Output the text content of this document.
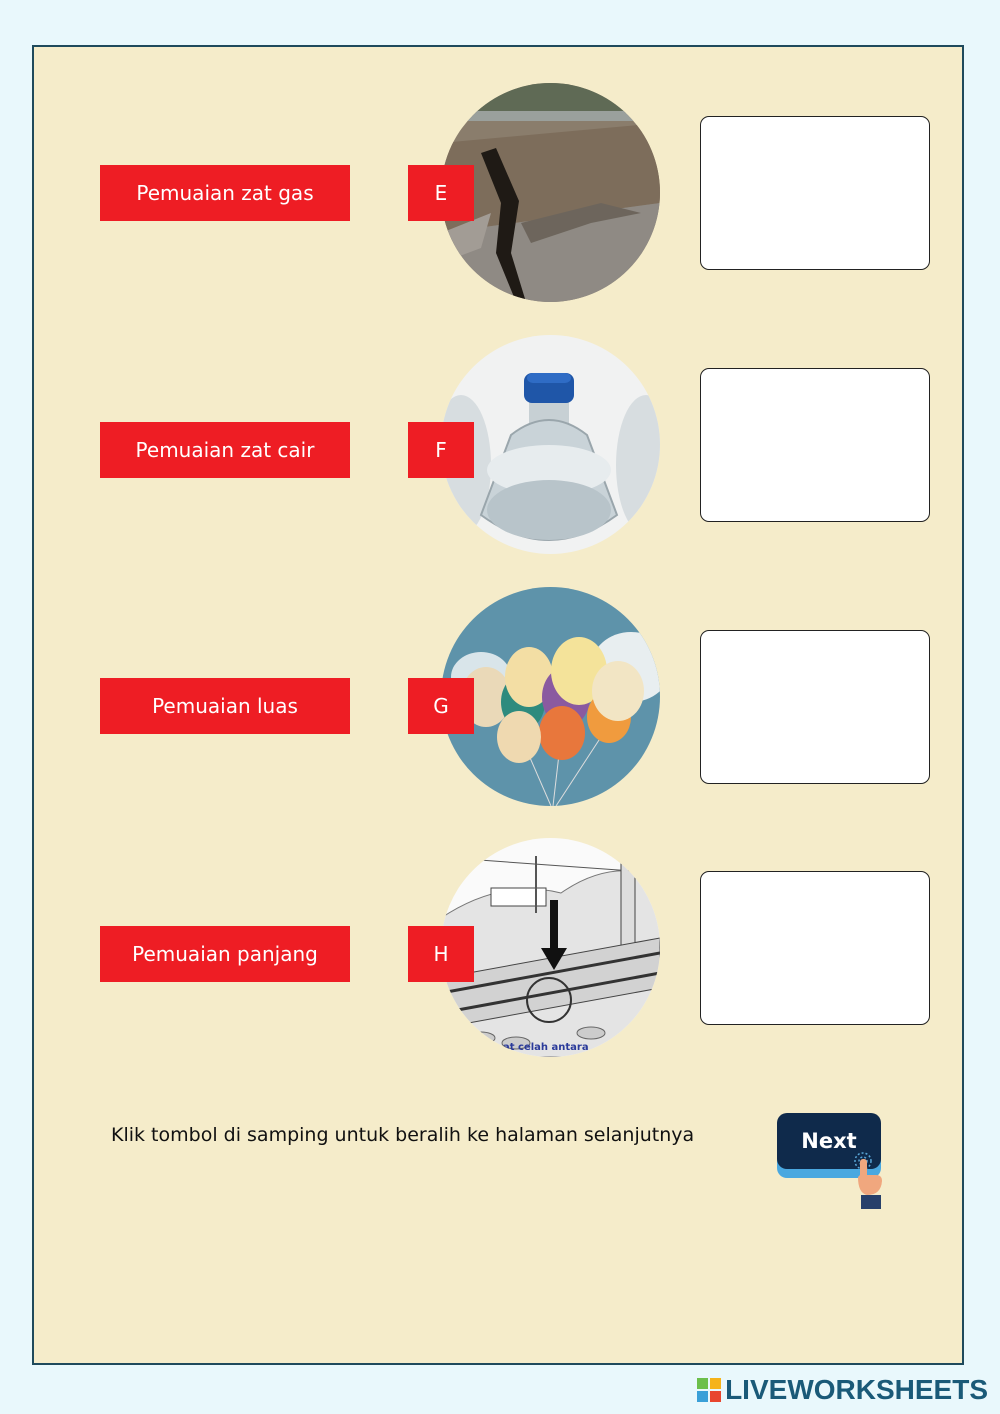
Pemuaian zat gas	E
Pemuaian zat cair	F
Pemuaian luas	G
Pemuaian panjang	H
at celah antara
Klik tombol di samping untuk beralih ke halaman selanjutnya	Next
LIVEWORKSHEETS
